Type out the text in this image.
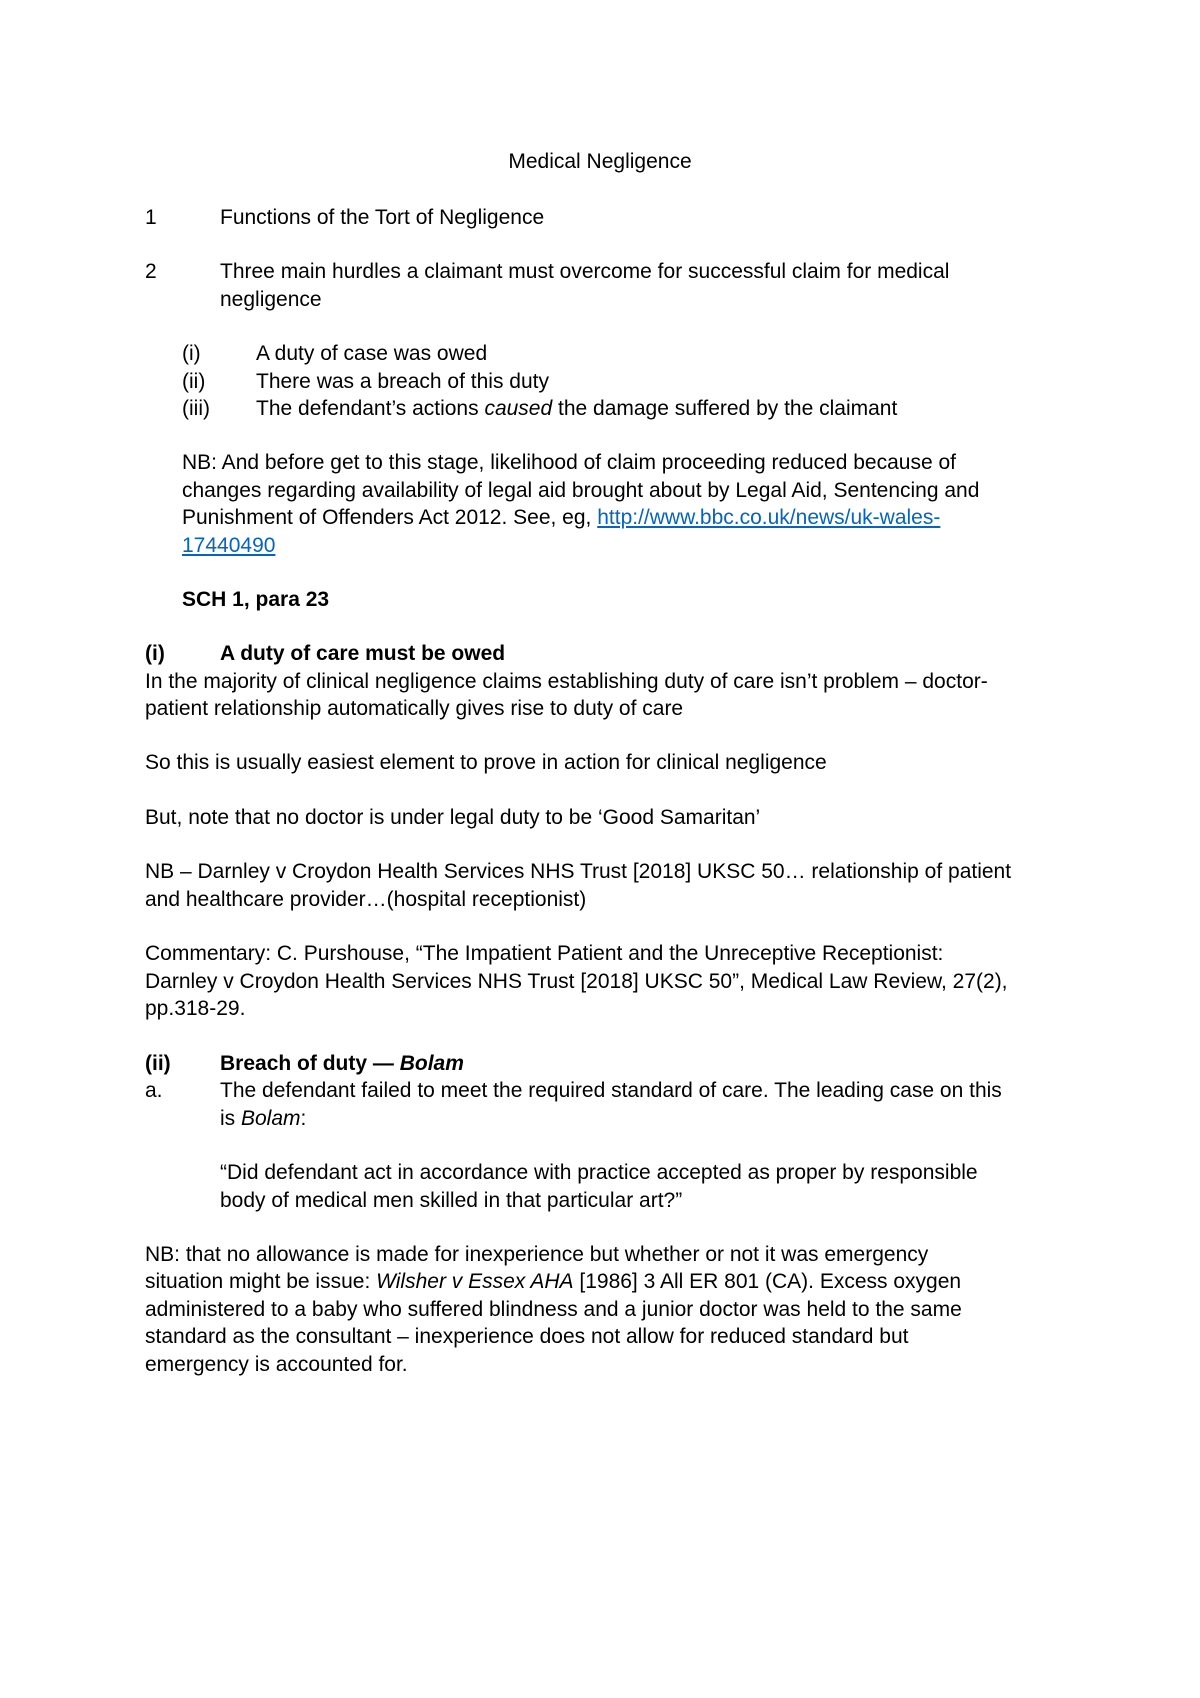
Medical Negligence
1	Functions of the Tort of Negligence
2	Three main hurdles a claimant must overcome for successful claim for medical
negligence
(i)	A duty of case was owed
(ii) There was a breach of this duty
(iii) The defendant’s actions caused the damage suffered by the claimant
NB: And before get to this stage, likelihood of claim proceeding reduced because of
changes regarding availability of legal aid brought about by Legal Aid, Sentencing and
Punishment of Offenders Act 2012. See, eg, http://www.bbc.co.uk/news/uk-wales-
17440490
SCH 1, para 23
(i)	A duty of care must be owed
In the majority of clinical negligence claims establishing duty of care isn’t problem – doctor-
patient relationship automatically gives rise to duty of care
So this is usually easiest element to prove in action for clinical negligence
But, note that no doctor is under legal duty to be ‘Good Samaritan’
NB – Darnley v Croydon Health Services NHS Trust [2018] UKSC 50… relationship of patient
and healthcare provider…(hospital receptionist)
Commentary: C. Purshouse, “The Impatient Patient and the Unreceptive Receptionist:
Darnley v Croydon Health Services NHS Trust [2018] UKSC 50”, Medical Law Review, 27(2),
pp.318-29.
(ii) Breach of duty — Bolam
a.	The defendant failed to meet the required standard of care. The leading case on this
is Bolam:
“Did defendant act in accordance with practice accepted as proper by responsible
body of medical men skilled in that particular art?”
NB: that no allowance is made for inexperience but whether or not it was emergency
situation might be issue: Wilsher v Essex AHA [1986] 3 All ER 801 (CA). Excess oxygen
administered to a baby who suffered blindness and a junior doctor was held to the same
standard as the consultant – inexperience does not allow for reduced standard but
emergency is accounted for.
